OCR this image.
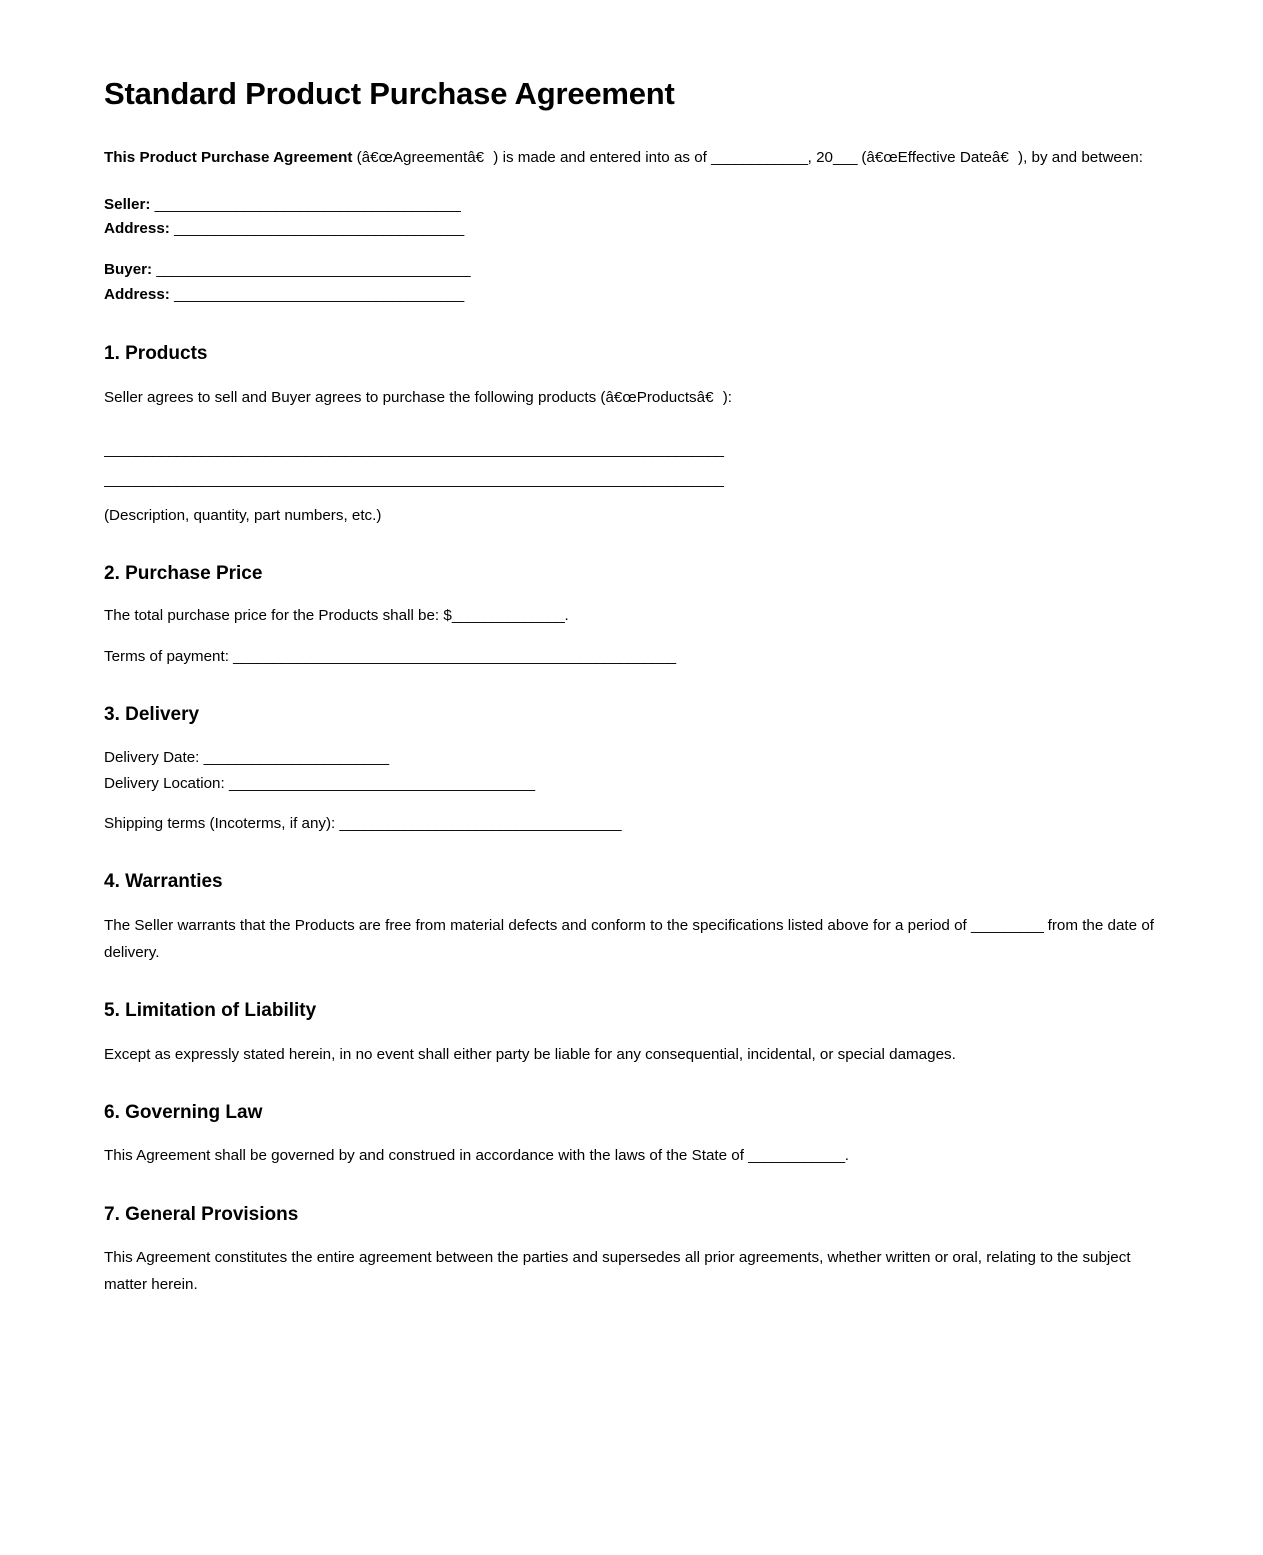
Standard Product Purchase Agreement

This Product Purchase Agreement (â€œAgreementâ€) is made and entered into as of ____________, 20___ (â€œEffective Dateâ€), by and between:

Seller: ______________________________________

Address: ____________________________________

Buyer: _______________________________________

Address: ____________________________________

1. Products

Seller agrees to sell and Buyer agrees to purchase the following products (â€œProductsâ€):

_____________________________________________________________________________

_____________________________________________________________________________

(Description, quantity, part numbers, etc.)

2. Purchase Price

The total purchase price for the Products shall be: $______________.

Terms of payment: _______________________________________________________

3. Delivery

Delivery Date: _______________________

Delivery Location: ______________________________________

Shipping terms (Incoterms, if any): ___________________________________

4. Warranties

The Seller warrants that the Products are free from material defects and conform to the specifications listed above for a period of _________ from the date of delivery.

5. Limitation of Liability

Except as expressly stated herein, in no event shall either party be liable for any consequential, incidental, or special damages.

6. Governing Law

This Agreement shall be governed by and construed in accordance with the laws of the State of ____________.

7. General Provisions

This Agreement constitutes the entire agreement between the parties and supersedes all prior agreements, whether written or oral, relating to the subject matter herein.
